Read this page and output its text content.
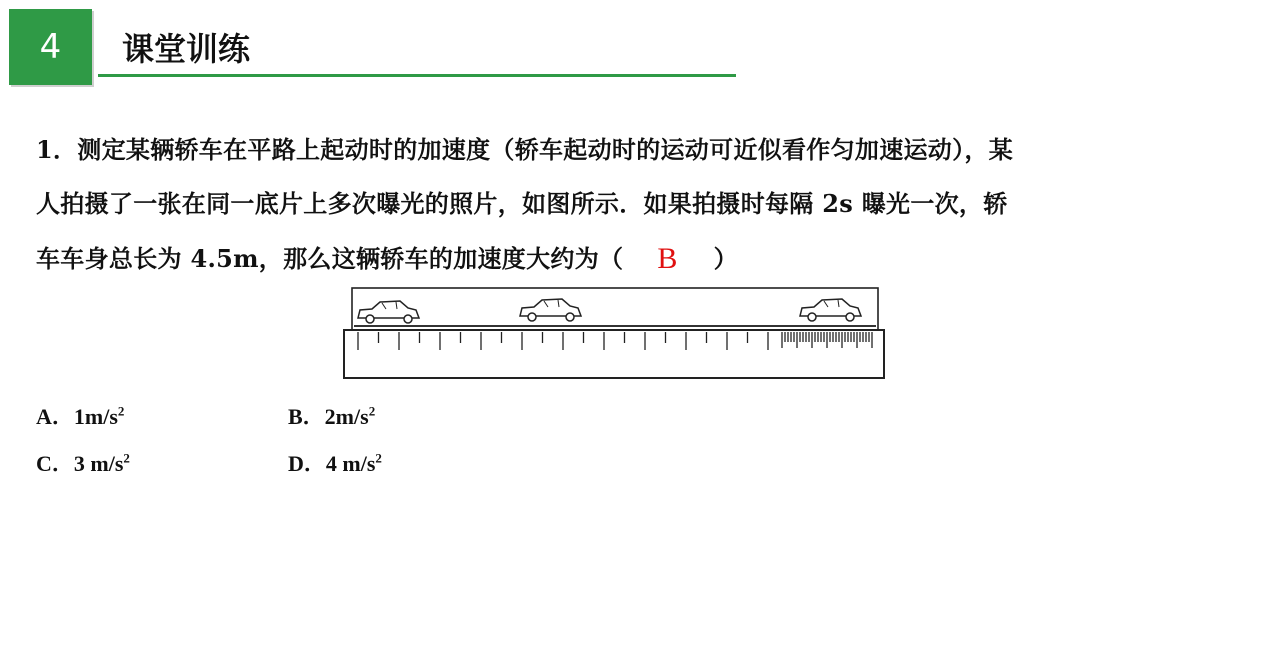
4 课堂训练
1．测定某辆轿车在平路上起动时的加速度（轿车起动时的运动可近似看作匀加速运动），某
人拍摄了一张在同一底片上多次曝光的照片，如图所示．如果拍摄时每隔 2s 曝光一次，轿
车车身总长为 4.5m，那么这辆轿车的加速度大约为（ B ）
A．$1m/s^2$	B．$2m/s^2$
C．3 $m/s^2$	D．4 $m/s^2$
